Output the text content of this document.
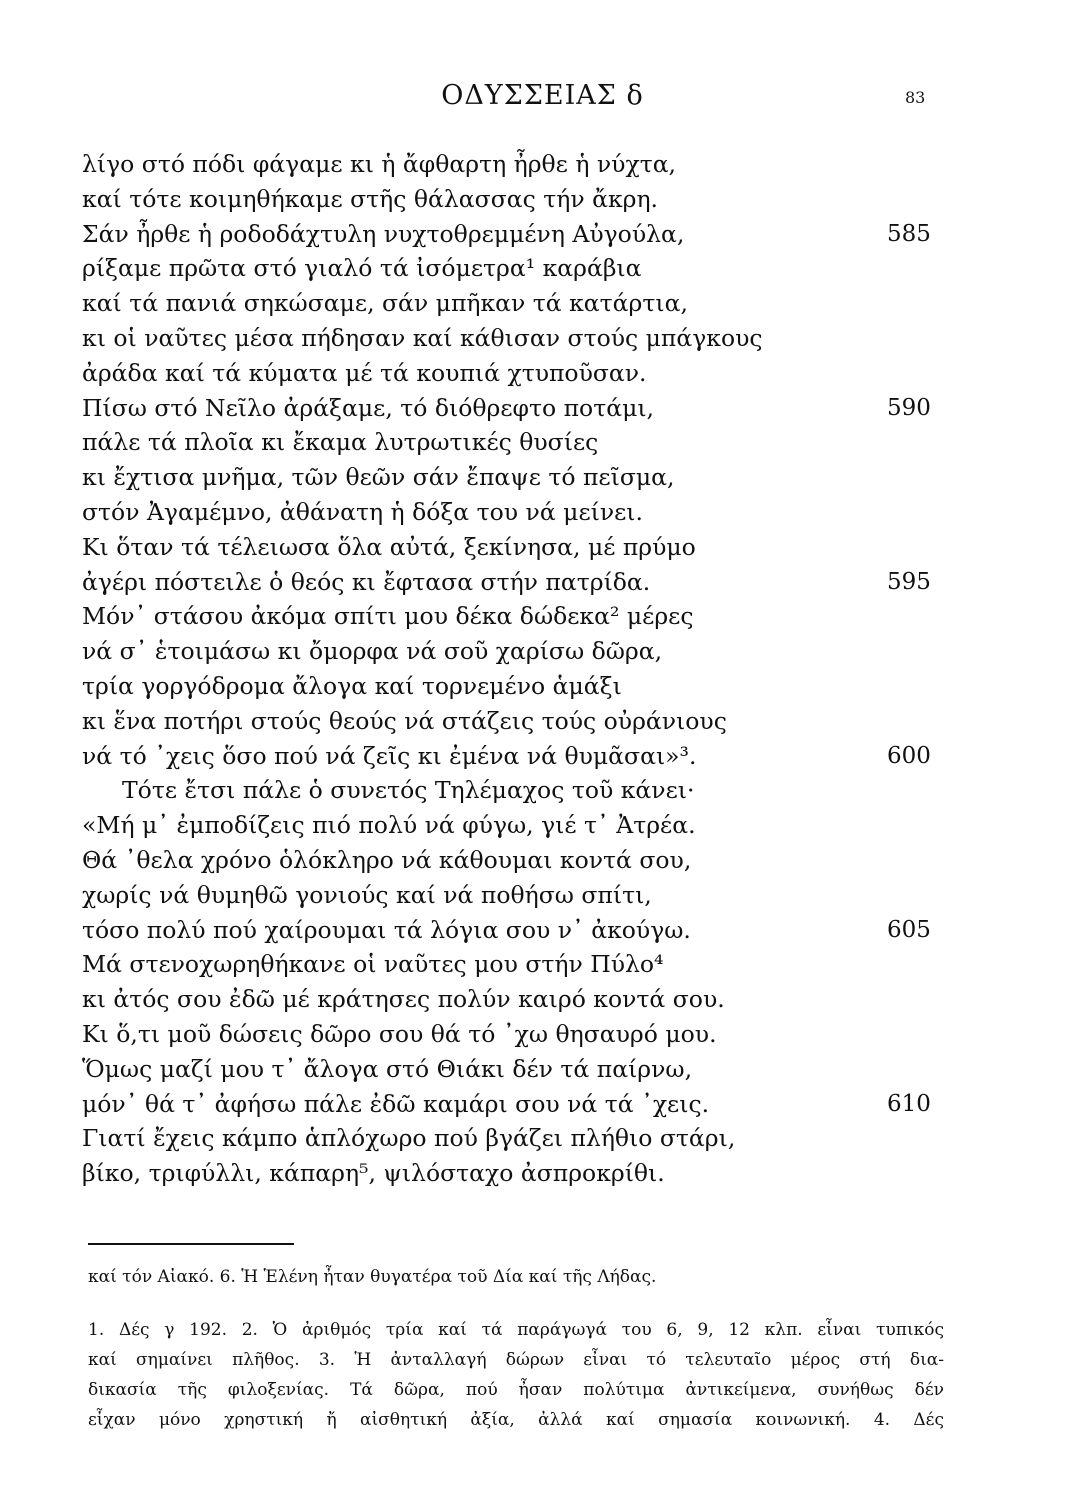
ΟΔΥΣΣΕΙΑΣ δ	83
λίγο στό πόδι φάγαμε κι ἡ ἄφθαρτη ἦρθε ἡ νύχτα,
καί τότε κοιμηθήκαμε στῆς θάλασσας τήν ἄκρη.
Σάν ἦρθε ἡ ροδοδάχτυλη νυχτοθρεμμένη Αὐγούλα,	585
ρίξαμε πρῶτα στό γιαλό τά ἰσόμετρα¹ καράβια
καί τά πανιά σηκώσαμε, σάν μπῆκαν τά κατάρτια,
κι οἱ ναῦτες μέσα πήδησαν καί κάθισαν στούς μπάγκους
ἀράδα καί τά κύματα μέ τά κουπιά χτυποῦσαν.
Πίσω στό Νεῖλο ἀράξαμε, τό διόθρεφτο ποτάμι,	590
πάλε τά πλοῖα κι ἔκαμα λυτρωτικές θυσίες
κι ἔχτισα μνῆμα, τῶν θεῶν σάν ἔπαψε τό πεῖσμα,
στόν Ἀγαμέμνο, ἀθάνατη ἡ δόξα του νά μείνει.
Κι ὅταν τά τέλειωσα ὅλα αὐτά, ξεκίνησα, μέ πρύμο
ἀγέρι πόστειλε ὁ θεός κι ἔφτασα στήν πατρίδα.	595
Μόν᾽ στάσου ἀκόμα σπίτι μου δέκα δώδεκα² μέρες
νά σ᾽ ἑτοιμάσω κι ὄμορφα νά σοῦ χαρίσω δῶρα,
τρία γοργόδρομα ἄλογα καί τορνεμένο ἁμάξι
κι ἕνα ποτήρι στούς θεούς νά στάζεις τούς οὐράνιους
νά τό ᾽χεις ὅσο πού νά ζεῖς κι ἐμένα νά θυμᾶσαι»³.	600
Τότε ἔτσι πάλε ὁ συνετός Τηλέμαχος τοῦ κάνει·
«Μή μ᾽ ἐμποδίζεις πιό πολύ νά φύγω, γιέ τ᾽ Ἀτρέα.
Θά ᾽θελα χρόνο ὁλόκληρο νά κάθουμαι κοντά σου,
χωρίς νά θυμηθῶ γονιούς καί νά ποθήσω σπίτι,
τόσο πολύ πού χαίρουμαι τά λόγια σου ν᾽ ἀκούγω.	605
Μά στενοχωρηθήκανε οἱ ναῦτες μου στήν Πύλο⁴
κι ἀτός σου ἐδῶ μέ κράτησες πολύν καιρό κοντά σου.
Κι ὅ,τι μοῦ δώσεις δῶρο σου θά τό ᾽χω θησαυρό μου.
Ὅμως μαζί μου τ᾽ ἄλογα στό Θιάκι δέν τά παίρνω,
μόν᾽ θά τ᾽ ἀφήσω πάλε ἐδῶ καμάρι σου νά τά ᾽χεις.	610
Γιατί ἔχεις κάμπο ἁπλόχωρο πού βγάζει πλήθιο στάρι,
βίκο, τριφύλλι, κάπαρη⁵, ψιλόσταχο ἀσπροκρίθι.
καί τόν Αἰακό. 6. Ἡ Ἑλένη ἦταν θυγατέρα τοῦ Δία καί τῆς Λήδας.
1. Δές γ 192. 2. Ὁ ἀριθμός τρία καί τά παράγωγά του 6, 9, 12 κλπ. εἶναι τυπικός
καί σημαίνει πλῆθος. 3. Ἡ ἀνταλλαγή δώρων εἶναι τό τελευταῖο μέρος στή δια-
δικασία τῆς φιλοξενίας. Τά δῶρα, πού ἦσαν πολύτιμα ἀντικείμενα, συνήθως δέν
εἶχαν μόνο χρηστική ἤ αἰσθητική ἀξία, ἀλλά καί σημασία κοινωνική. 4. Δές
